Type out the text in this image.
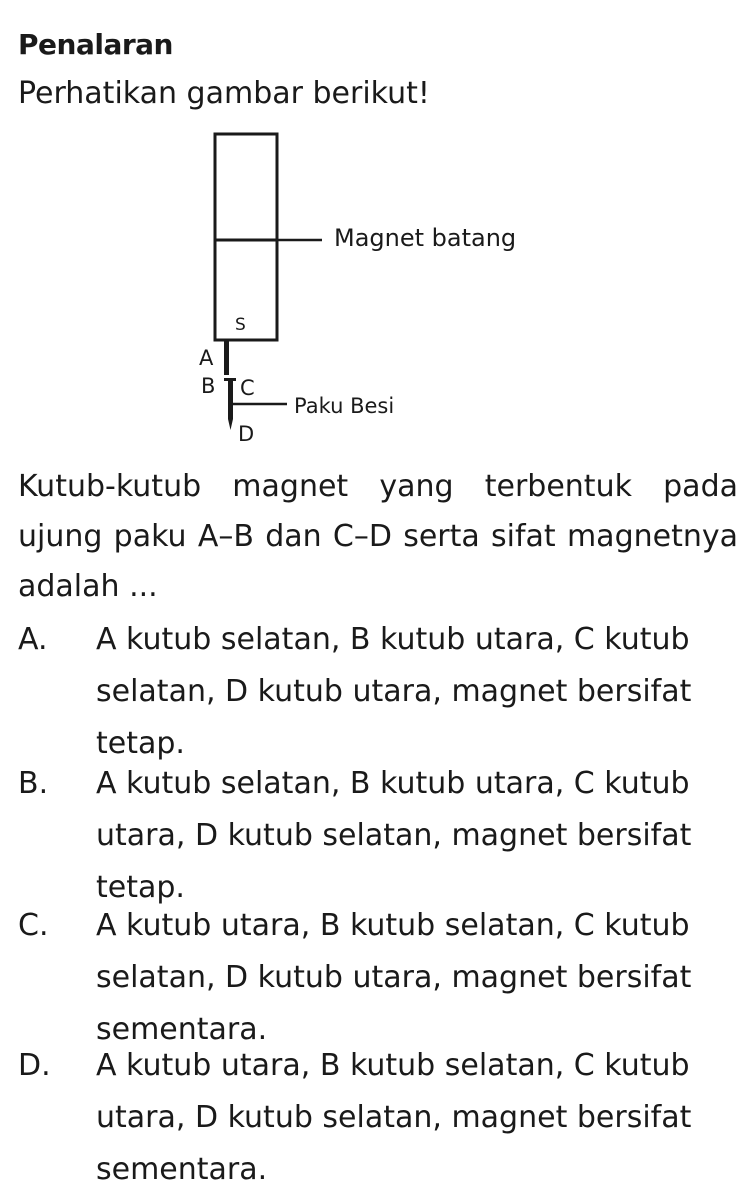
Penalaran
Perhatikan gambar berikut!
Magnet batang
S
Paku Besi
A
B C
D
Kutub-kutub magnet yang terbentuk pada ujung paku A–B dan C–D serta sifat magnetnya adalah ...
A. A kutub selatan, B kutub utara, C kutub selatan, D kutub utara, magnet bersifat tetap.
B. A kutub selatan, B kutub utara, C kutub utara, D kutub selatan, magnet bersifat tetap.
C. A kutub utara, B kutub selatan, C kutub selatan, D kutub utara, magnet bersifat sementara.
D. A kutub utara, B kutub selatan, C kutub utara, D kutub selatan, magnet bersifat sementara.
